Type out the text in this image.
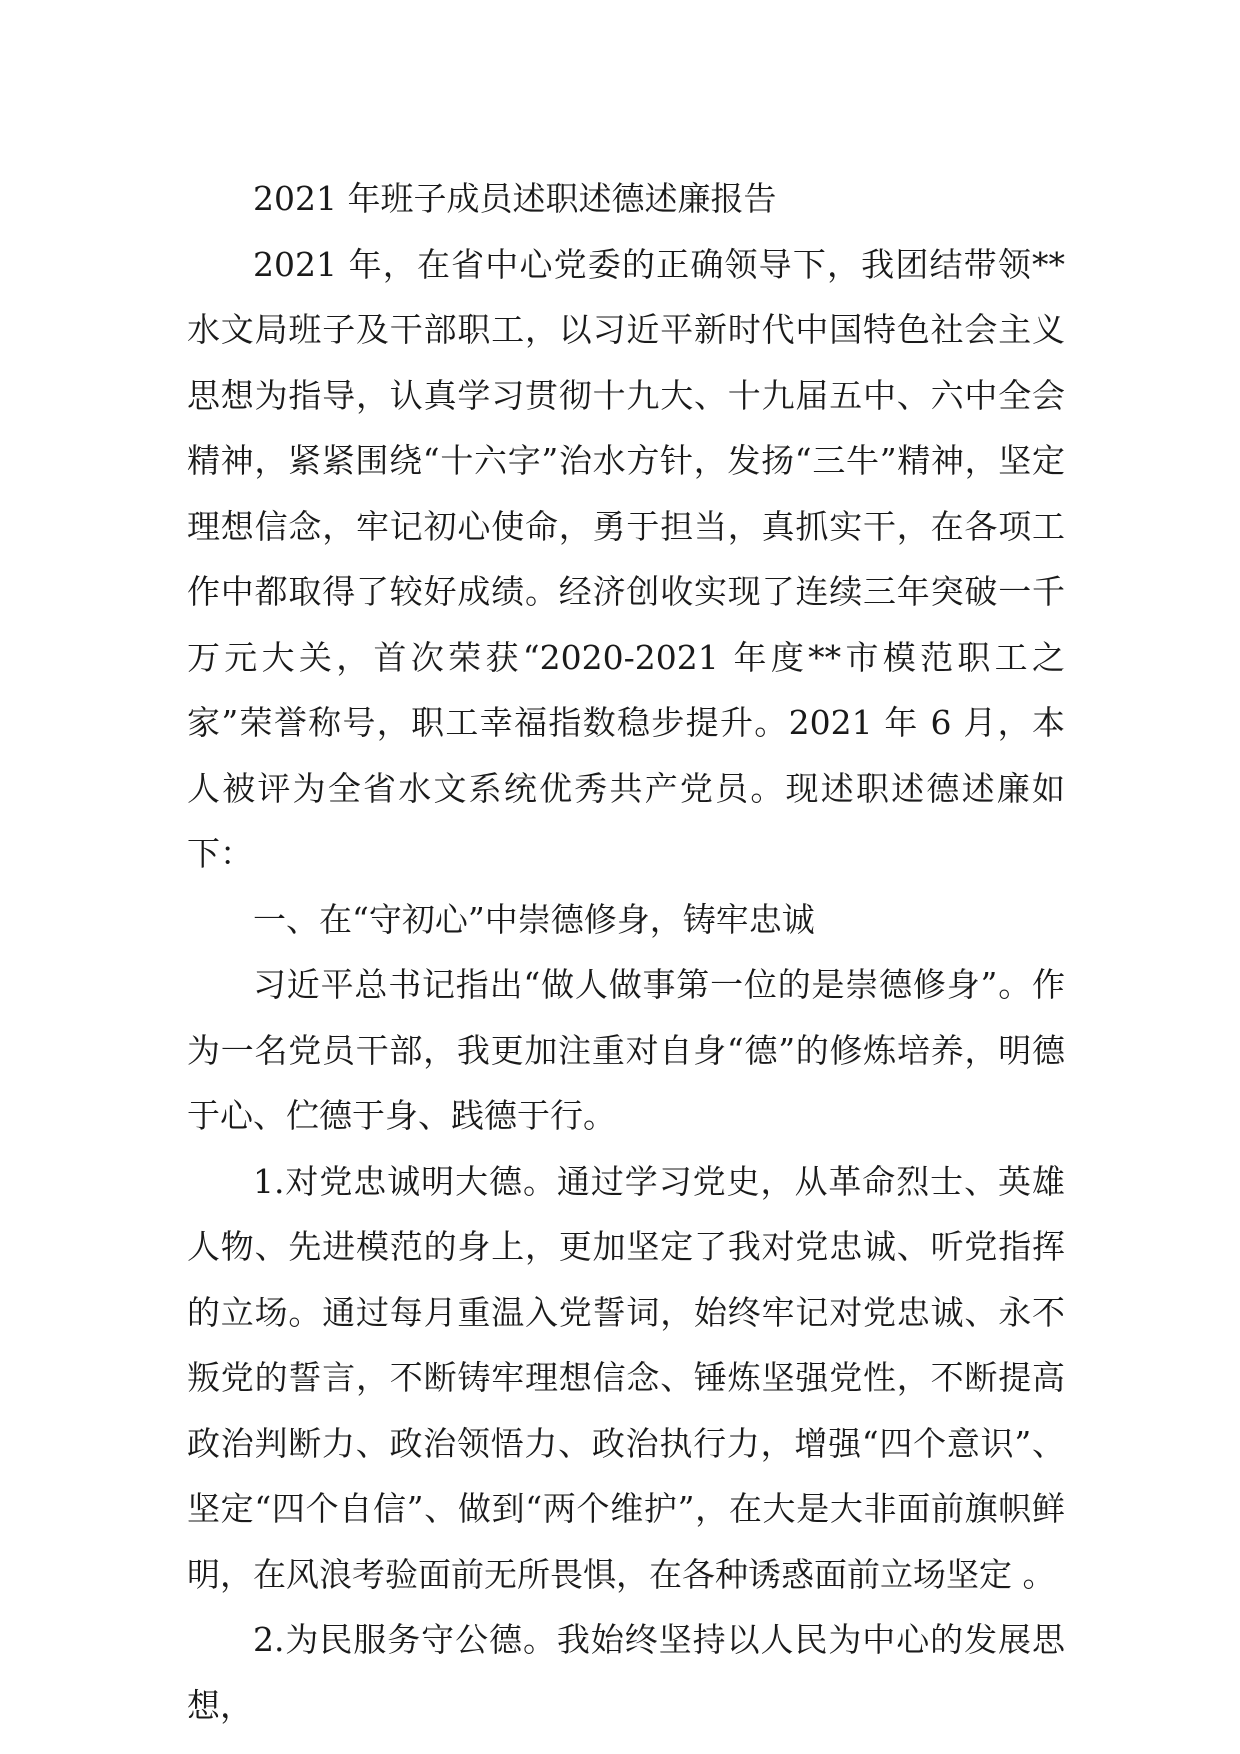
2021 年班子成员述职述德述廉报告

2021 年，在省中心党委的正确领导下，我团结带领**水文局班子及干部职工，以习近平新时代中国特色社会主义思想为指导，认真学习贯彻十九大、十九届五中、六中全会精神，紧紧围绕“十六字”治水方针，发扬“三牛”精神，坚定理想信念，牢记初心使命，勇于担当，真抓实干，在各项工作中都取得了较好成绩。经济创收实现了连续三年突破一千万元大关，首次荣获“2020-2021 年度**市模范职工之家”荣誉称号，职工幸福指数稳步提升。2021 年 6 月，本人被评为全省水文系统优秀共产党员。现述职述德述廉如下：

一、在“守初心”中崇德修身，铸牢忠诚

习近平总书记指出“做人做事第一位的是崇德修身”。作为一名党员干部，我更加注重对自身“德”的修炼培养，明德于心、伫德于身、践德于行。

1.对党忠诚明大德。通过学习党史，从革命烈士、英雄人物、先进模范的身上，更加坚定了我对党忠诚、听党指挥的立场。通过每月重温入党誓词，始终牢记对党忠诚、永不叛党的誓言，不断铸牢理想信念、锤炼坚强党性，不断提高政治判断力、政治领悟力、政治执行力，增强“四个意识”、坚定“四个自信”、做到“两个维护”，在大是大非面前旗帜鲜明，在风浪考验面前无所畏惧，在各种诱惑面前立场坚定 。

2.为民服务守公德。我始终坚持以人民为中心的发展思想，
